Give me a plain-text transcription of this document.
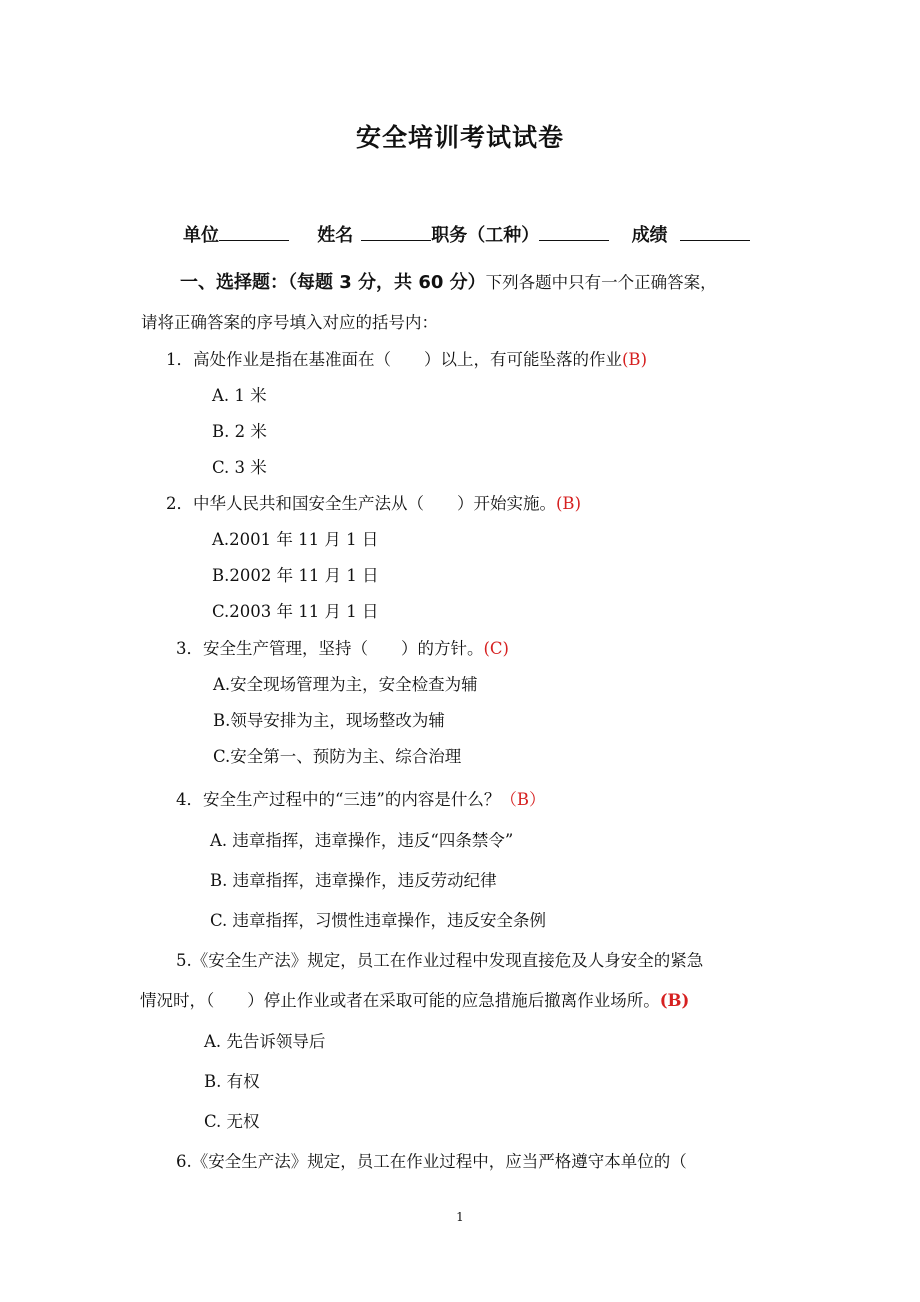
安全培训考试试卷
单位	姓名	职务（工种）	成绩
一、选择题：（每题 3 分，共 60 分）下列各题中只有一个正确答案，
请将正确答案的序号填入对应的括号内：
1．高处作业是指在基准面在（　　）以上，有可能坠落的作业(B)
A. 1 米
B. 2 米
C. 3 米
2．中华人民共和国安全生产法从（　　）开始实施。(B)
A.2001 年 11 月 1 日
B.2002 年 11 月 1 日
C.2003 年 11 月 1 日
3．安全生产管理，坚持（　　）的方针。(C)
A.安全现场管理为主，安全检查为辅
B.领导安排为主，现场整改为辅
C.安全第一、预防为主、综合治理
4．安全生产过程中的“三违”的内容是什么？（B）
A. 违章指挥，违章操作，违反“四条禁令”
B. 违章指挥，违章操作，违反劳动纪律
C. 违章指挥，习惯性违章操作，违反安全条例
5.《安全生产法》规定，员工在作业过程中发现直接危及人身安全的紧急
情况时，（　　）停止作业或者在采取可能的应急措施后撤离作业场所。(B)
A. 先告诉领导后
B. 有权
C. 无权
6.《安全生产法》规定，员工在作业过程中，应当严格遵守本单位的（
1
